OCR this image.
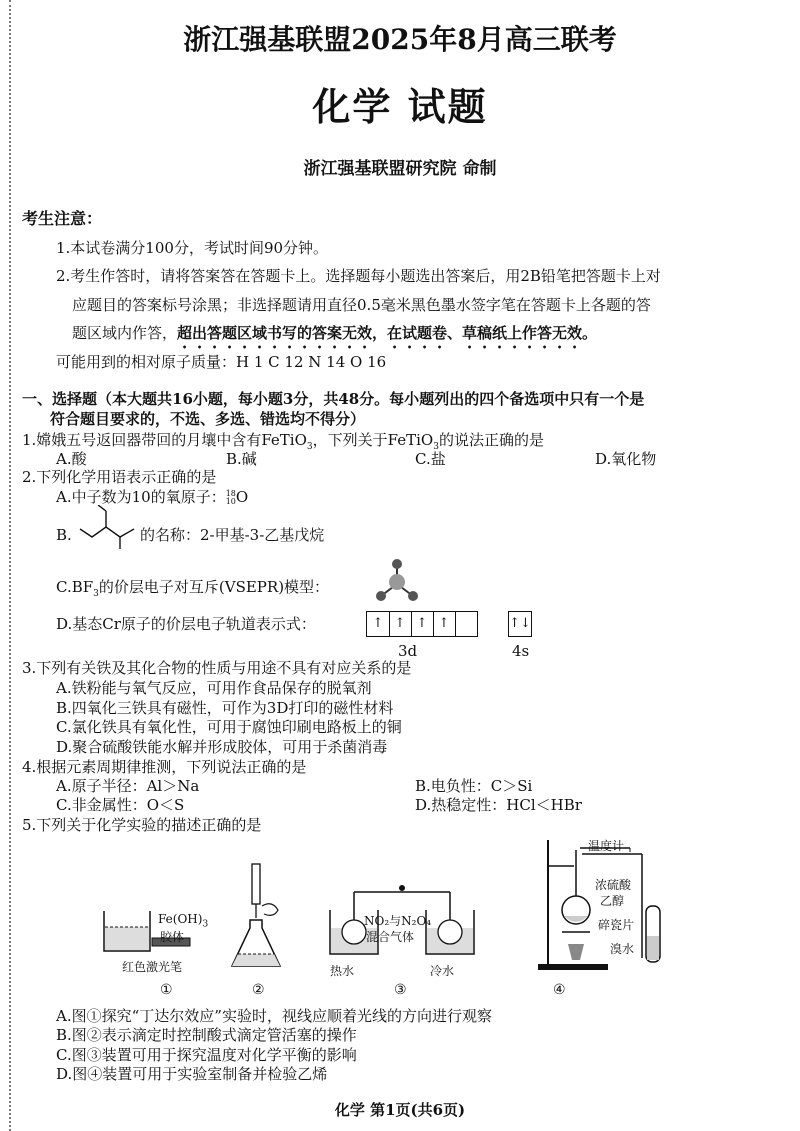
浙江强基联盟2025年8月高三联考
化学 试题
浙江强基联盟研究院 命制
考生注意：
1.本试卷满分100分，考试时间90分钟。
2.考生作答时，请将答案答在答题卡上。选择题每小题选出答案后，用2B铅笔把答题卡上对
应题目的答案标号涂黑；非选择题请用直径0.5毫米黑色墨水签字笔在答题卡上各题的答
题区域内作答，超出答题区域书写的答案无效，在试题卷、草稿纸上作答无效。
可能用到的相对原子质量：H 1 C 12 N 14 O 16
一、选择题（本大题共16小题，每小题3分，共48分。每小题列出的四个备选项中只有一个是
符合题目要求的，不选、多选、错选均不得分）
1.嫦娥五号返回器带回的月壤中含有FeTiO$_3$，下列关于FeTiO$_3$的说法正确的是
A.酸	B.碱	C.盐	D.氧化物
2.下列化学用语表示正确的是
A.中子数为10的氧原子：18
10O
B.	的名称：2-甲基-3-乙基戊烷
$C.BF_3$的价层电子对互斥(VSEPR)模型：
D.基态Cr原子的价层电子轨道表示式：	↑ ↑ ↑ ↑	↑↓
3d	4s
3.下列有关铁及其化合物的性质与用途不具有对应关系的是
A.铁粉能与氧气反应，可用作食品保存的脱氧剂
B.四氧化三铁具有磁性，可作为3D打印的磁性材料
C.氯化铁具有氧化性，可用于腐蚀印刷电路板上的铜
D.聚合硫酸铁能水解并形成胶体，可用于杀菌消毒
4.根据元素周期律推测，下列说法正确的是
A.原子半径：Al＞Na	B.电负性：C＞Si
C.非金属性：O＜S	D.热稳定性：HCl＜HBr
5.下列关于化学实验的描述正确的是
$Fe(OH)_3$
胶体
红色激光笔
①	②
NO₂与N₂O₄
混合气体
热水	冷水
③
温度计
浓硫酸
乙醇
碎瓷片
溴水
④
A.图①探究“丁达尔效应”实验时，视线应顺着光线的方向进行观察
B.图②表示滴定时控制酸式滴定管活塞的操作
C.图③装置可用于探究温度对化学平衡的影响
D.图④装置可用于实验室制备并检验乙烯
化学 第1页(共6页)
